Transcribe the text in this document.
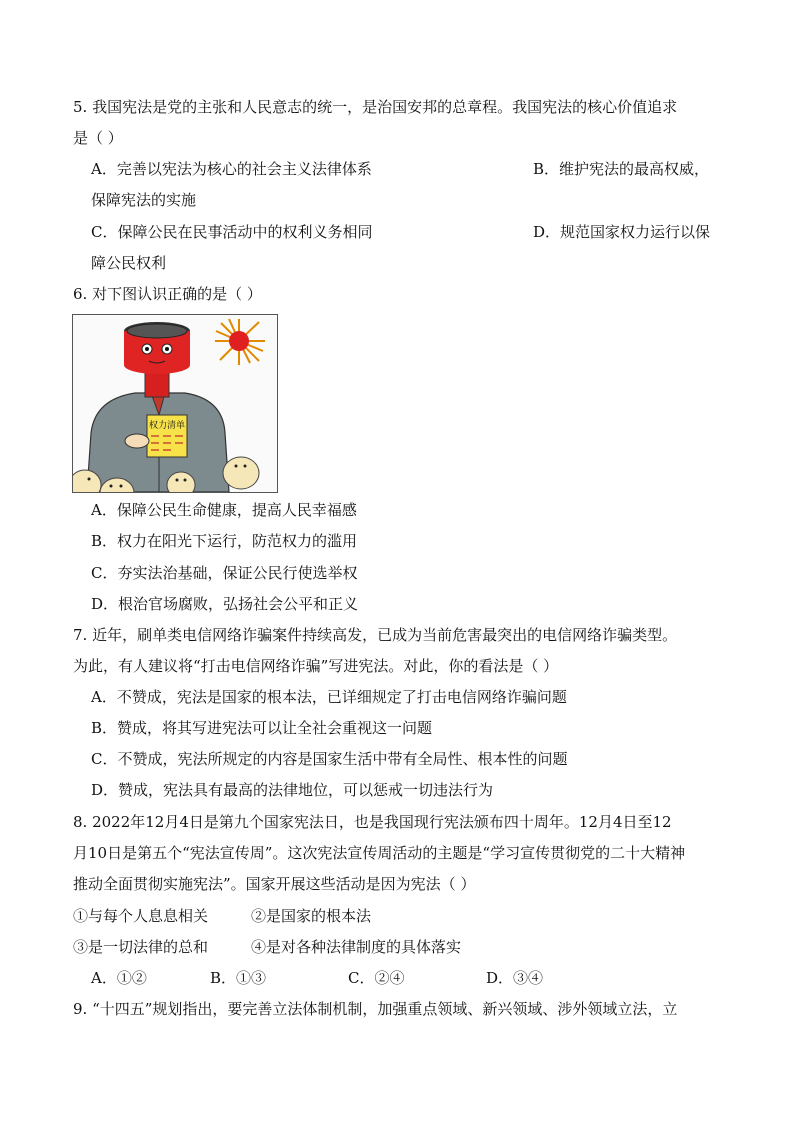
5. 我国宪法是党的主张和人民意志的统一，是治国安邦的总章程。我国宪法的核心价值追求
是（ ）
A．完善以宪法为核心的社会主义法律体系	B．维护宪法的最高权威，
保障宪法的实施
C．保障公民在民事活动中的权利义务相同	D．规范国家权力运行以保
障公民权利
6. 对下图认识正确的是（ ）
权力清单
A．保障公民生命健康，提高人民幸福感
B．权力在阳光下运行，防范权力的滥用
C．夯实法治基础，保证公民行使选举权
D．根治官场腐败，弘扬社会公平和正义
7. 近年，刷单类电信网络诈骗案件持续高发，已成为当前危害最突出的电信网络诈骗类型。
为此，有人建议将“打击电信网络诈骗”写进宪法。对此，你的看法是（ ）
A．不赞成，宪法是国家的根本法，已详细规定了打击电信网络诈骗问题
B．赞成，将其写进宪法可以让全社会重视这一问题
C．不赞成，宪法所规定的内容是国家生活中带有全局性、根本性的问题
D．赞成，宪法具有最高的法律地位，可以惩戒一切违法行为
8. 2022年12月4日是第九个国家宪法日，也是我国现行宪法颁布四十周年。12月4日至12
月10日是第五个“宪法宣传周”。这次宪法宣传周活动的主题是“学习宣传贯彻党的二十大精神
推动全面贯彻实施宪法”。国家开展这些活动是因为宪法（ ）
①与每个人息息相关	②是国家的根本法
③是一切法律的总和	④是对各种法律制度的具体落实
A．①②	B．①③	C．②④	D．③④
9. “十四五”规划指出，要完善立法体制机制，加强重点领域、新兴领域、涉外领域立法，立
